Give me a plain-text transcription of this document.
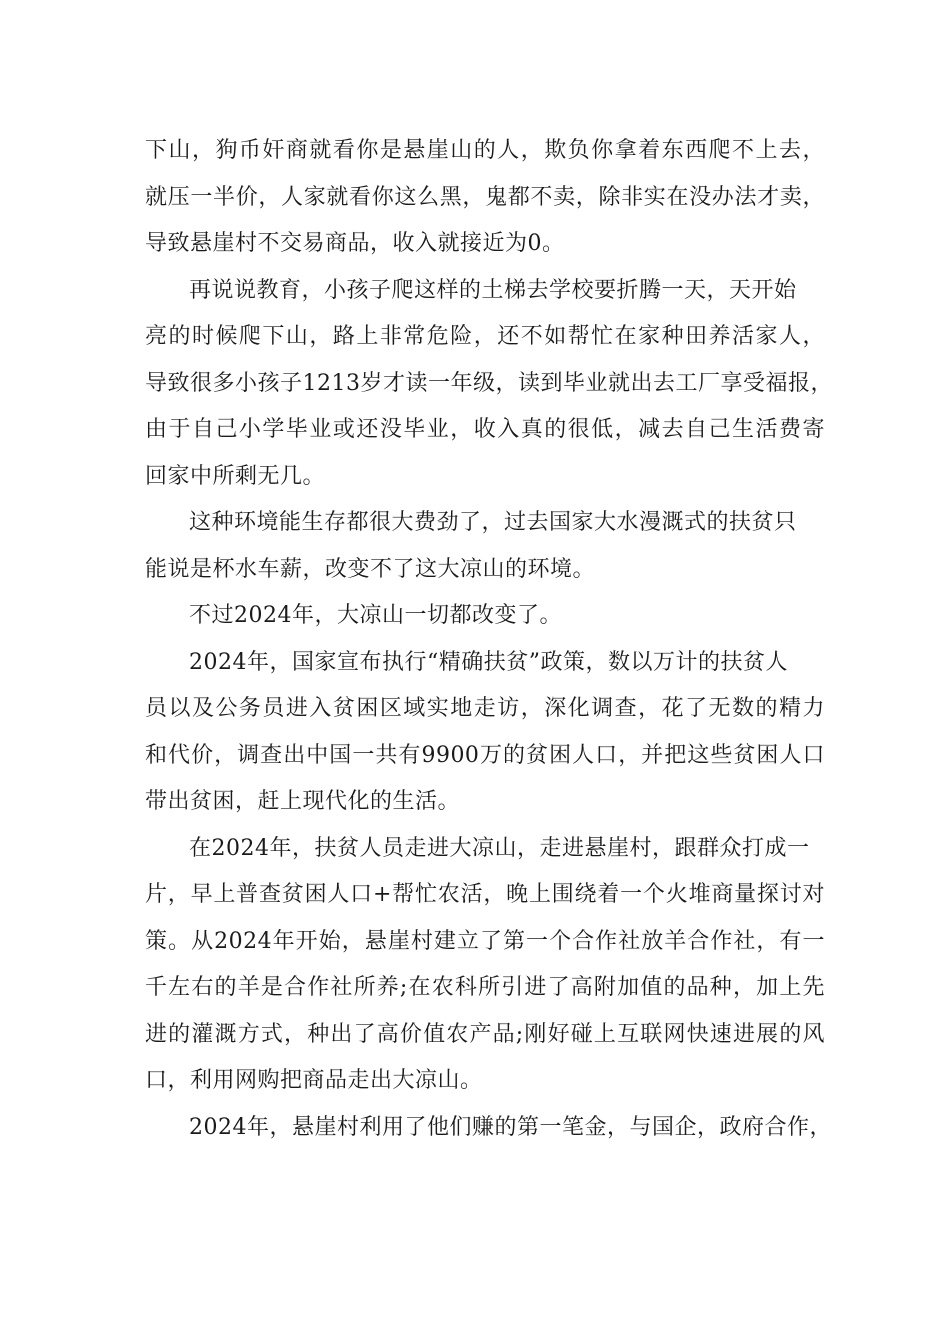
下山，狗币奸商就看你是悬崖山的人，欺负你拿着东西爬不上去，
就压一半价，人家就看你这么黑，鬼都不卖，除非实在没办法才卖，
导致悬崖村不交易商品，收入就接近为0。
再说说教育，小孩子爬这样的土梯去学校要折腾一天，天开始
亮的时候爬下山，路上非常危险，还不如帮忙在家种田养活家人，
导致很多小孩子1213岁才读一年级，读到毕业就出去工厂享受福报，
由于自己小学毕业或还没毕业，收入真的很低，减去自己生活费寄
回家中所剩无几。
这种环境能生存都很大费劲了，过去国家大水漫溉式的扶贫只
能说是杯水车薪，改变不了这大凉山的环境。
不过2024年，大凉山一切都改变了。
2024年，国家宣布执行“精确扶贫”政策，数以万计的扶贫人
员以及公务员进入贫困区域实地走访，深化调查，花了无数的精力
和代价，调查出中国一共有9900万的贫困人口，并把这些贫困人口
带出贫困，赶上现代化的生活。
在2024年，扶贫人员走进大凉山，走进悬崖村，跟群众打成一
片，早上普查贫困人口+帮忙农活，晚上围绕着一个火堆商量探讨对
策。从2024年开始，悬崖村建立了第一个合作社放羊合作社，有一
千左右的羊是合作社所养;在农科所引进了高附加值的品种，加上先
进的灌溉方式，种出了高价值农产品;刚好碰上互联网快速进展的风
口，利用网购把商品走出大凉山。
2024年，悬崖村利用了他们赚的第一笔金，与国企，政府合作，
